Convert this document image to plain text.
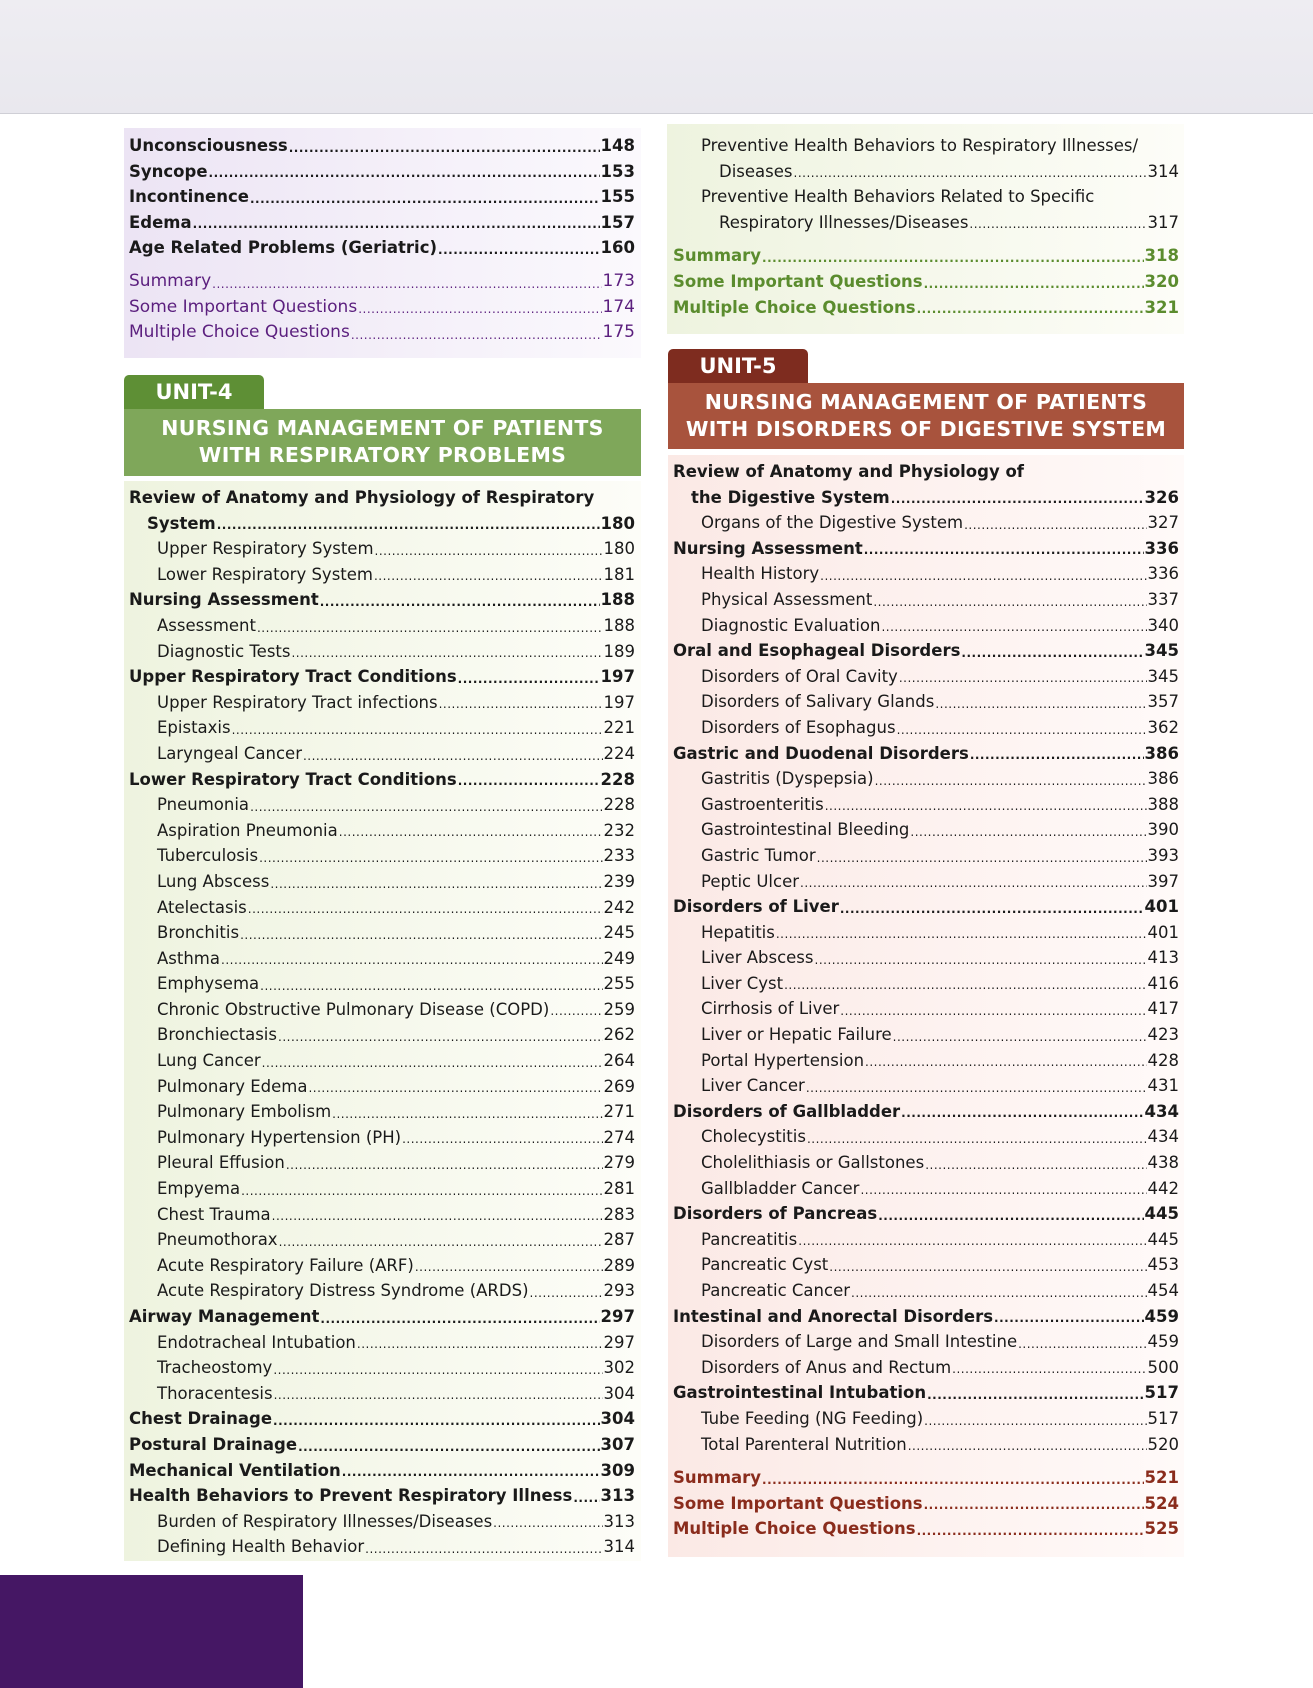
Unconsciousness .....	148
Syncope .....	153
Incontinence .....	155
Edema .....	157
Age Related Problems (Geriatric) .....	160
Summary .....	173
Some Important Questions .....	174
Multiple Choice Questions .....	175
UNIT-4
NURSING MANAGEMENT OF PATIENTS
WITH RESPIRATORY PROBLEMS
Review of Anatomy and Physiology of Respiratory
System .....	180
Upper Respiratory System .....	180
Lower Respiratory System .....	181
Nursing Assessment .....	188
Assessment .....	188
Diagnostic Tests .....	189
Upper Respiratory Tract Conditions .....	197
Upper Respiratory Tract infections .....	197
Epistaxis .....	221
Laryngeal Cancer .....	224
Lower Respiratory Tract Conditions .....	228
Pneumonia .....	228
Aspiration Pneumonia .....	232
Tuberculosis .....	233
Lung Abscess .....	239
Atelectasis .....	242
Bronchitis .....	245
Asthma .....	249
Emphysema .....	255
Chronic Obstructive Pulmonary Disease (COPD) .....	259
Bronchiectasis .....	262
Lung Cancer .....	264
Pulmonary Edema .....	269
Pulmonary Embolism .....	271
Pulmonary Hypertension (PH) .....	274
Pleural Effusion .....	279
Empyema .....	281
Chest Trauma .....	283
Pneumothorax .....	287
Acute Respiratory Failure (ARF) .....	289
Acute Respiratory Distress Syndrome (ARDS) .....	293
Airway Management .....	297
Endotracheal Intubation .....	297
Tracheostomy .....	302
Thoracentesis .....	304
Chest Drainage .....	304
Postural Drainage .....	307
Mechanical Ventilation .....	309
Health Behaviors to Prevent Respiratory Illness ..... 313
Burden of Respiratory Illnesses/Diseases .....	313
Defining Health Behavior .....	314
Preventive Health Behaviors to Respiratory Illnesses/
Diseases .....	314
Preventive Health Behaviors Related to Specific
Respiratory Illnesses/Diseases .....	317
Summary .....	318
Some Important Questions .....	320
Multiple Choice Questions .....	321
UNIT-5
NURSING MANAGEMENT OF PATIENTS
WITH DISORDERS OF DIGESTIVE SYSTEM
Review of Anatomy and Physiology of
the Digestive System .....	326
Organs of the Digestive System .....	327
Nursing Assessment .....	336
Health History .....	336
Physical Assessment .....	337
Diagnostic Evaluation .....	340
Oral and Esophageal Disorders .....	345
Disorders of Oral Cavity .....	345
Disorders of Salivary Glands .....	357
Disorders of Esophagus .....	362
Gastric and Duodenal Disorders .....	386
Gastritis (Dyspepsia) .....	386
Gastroenteritis .....	388
Gastrointestinal Bleeding .....	390
Gastric Tumor .....	393
Peptic Ulcer .....	397
Disorders of Liver .....	401
Hepatitis .....	401
Liver Abscess .....	413
Liver Cyst .....	416
Cirrhosis of Liver .....	417
Liver or Hepatic Failure .....	423
Portal Hypertension .....	428
Liver Cancer .....	431
Disorders of Gallbladder .....	434
Cholecystitis .....	434
Cholelithiasis or Gallstones .....	438
Gallbladder Cancer .....	442
Disorders of Pancreas .....	445
Pancreatitis .....	445
Pancreatic Cyst .....	453
Pancreatic Cancer .....	454
Intestinal and Anorectal Disorders .....	459
Disorders of Large and Small Intestine .....	459
Disorders of Anus and Rectum .....	500
Gastrointestinal Intubation .....	517
Tube Feeding (NG Feeding) .....	517
Total Parenteral Nutrition .....	520
Summary .....	521
Some Important Questions .....	524
Multiple Choice Questions .....	525
